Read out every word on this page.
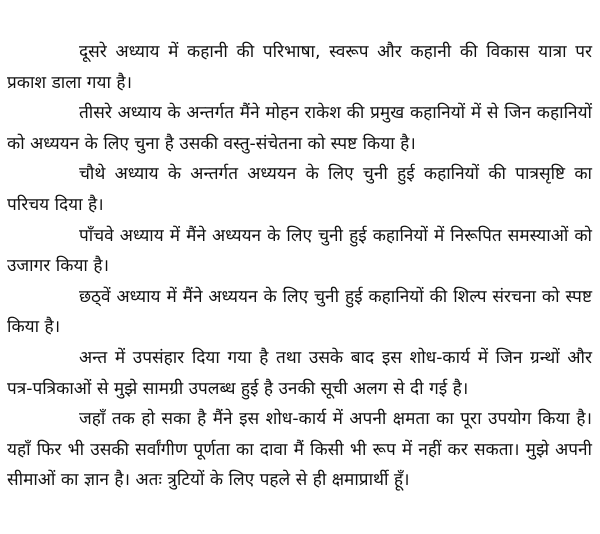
दूसरे अध्याय में कहानी की परिभाषा, स्वरूप और कहानी की विकास यात्रा पर प्रकाश डाला गया है।

तीसरे अध्याय के अन्तर्गत मैंने मोहन राकेश की प्रमुख कहानियों में से जिन कहानियों को अध्ययन के लिए चुना है उसकी वस्तु-संचेतना को स्पष्ट किया है।

चौथे अध्याय के अन्तर्गत अध्ययन के लिए चुनी हुई कहानियों की पात्रसृष्टि का परिचय दिया है।

पाँचवे अध्याय में मैंने अध्ययन के लिए चुनी हुई कहानियों में निरूपित समस्याओं को उजागर किया है।

छठ्वें अध्याय में मैंने अध्ययन के लिए चुनी हुई कहानियों की शिल्प संरचना को स्पष्ट किया है।

अन्त में उपसंहार दिया गया है तथा उसके बाद इस शोध-कार्य में जिन ग्रन्थों और पत्र-पत्रिकाओं से मुझे सामग्री उपलब्ध हुई है उनकी सूची अलग से दी गई है।

जहाँ तक हो सका है मैंने इस शोध-कार्य में अपनी क्षमता का पूरा उपयोग किया है। यहाँ फिर भी उसकी सर्वांगीण पूर्णता का दावा मैं किसी भी रूप में नहीं कर सकता। मुझे अपनी सीमाओं का ज्ञान है। अतः त्रुटियों के लिए पहले से ही क्षमाप्रार्थी हूँ।
